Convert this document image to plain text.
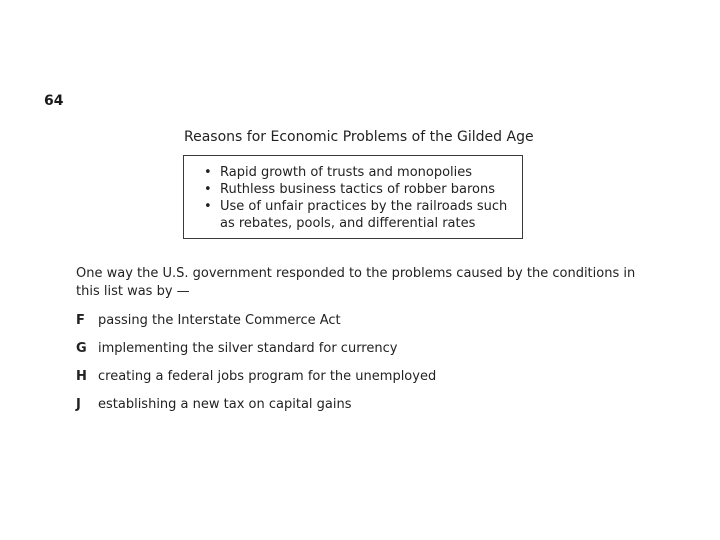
64
Reasons for Economic Problems of the Gilded Age
• Rapid growth of trusts and monopolies
• Ruthless business tactics of robber barons
• Use of unfair practices by the railroads such as rebates, pools, and differential rates
One way the U.S. government responded to the problems caused by the conditions in this list was by —
F	passing the Interstate Commerce Act
G implementing the silver standard for currency
H creating a federal jobs program for the unemployed
J	establishing a new tax on capital gains
